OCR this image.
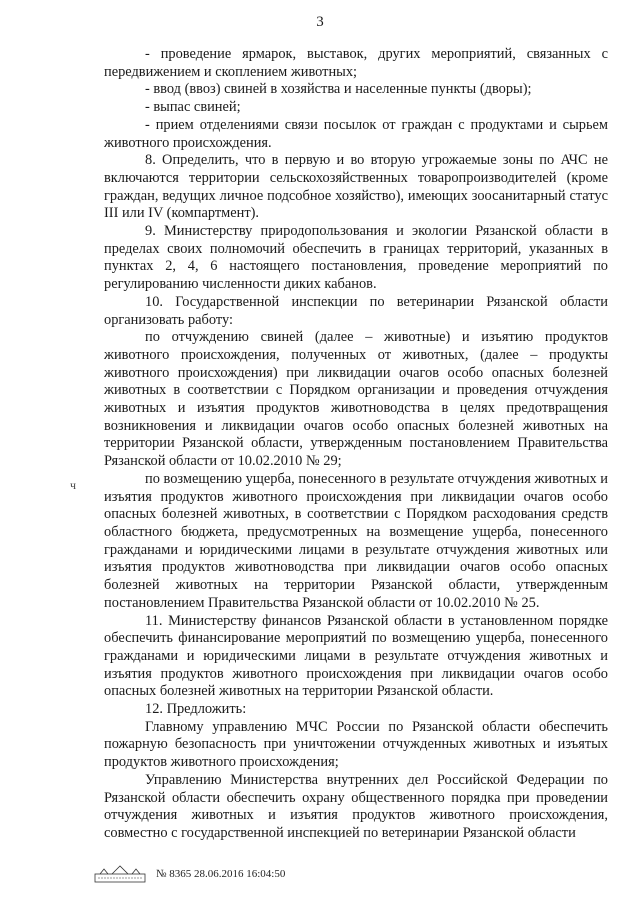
3

- проведение ярмарок, выставок, других мероприятий, связанных с передвижением и скоплением животных;

- ввод (ввоз) свиней в хозяйства и населенные пункты (дворы);

- выпас свиней;

- прием отделениями связи посылок от граждан с продуктами и сырьем животного происхождения.

8. Определить, что в первую и во вторую угрожаемые зоны по АЧС не включаются территории сельскохозяйственных товаропроизводителей (кроме граждан, ведущих личное подсобное хозяйство), имеющих зоосанитарный статус III или IV (компартмент).

9. Министерству природопользования и экологии Рязанской области в пределах своих полномочий обеспечить в границах территорий, указанных в пунктах 2, 4, 6 настоящего постановления, проведение мероприятий по регулированию численности диких кабанов.

10. Государственной инспекции по ветеринарии Рязанской области организовать работу:

по отчуждению свиней (далее – животные) и изъятию продуктов животного происхождения, полученных от животных, (далее – продукты животного происхождения) при ликвидации очагов особо опасных болезней животных в соответствии с Порядком организации и проведения отчуждения животных и изъятия продуктов животноводства в целях предотвращения возникновения и ликвидации очагов особо опасных болезней животных на территории Рязанской области, утвержденным постановлением Правительства Рязанской области от 10.02.2010 № 29;

по возмещению ущерба, понесенного в результате отчуждения животных и изъятия продуктов животного происхождения при ликвидации очагов особо опасных болезней животных, в соответствии с Порядком расходования средств областного бюджета, предусмотренных на возмещение ущерба, понесенного гражданами и юридическими лицами в результате отчуждения животных или изъятия продуктов животноводства при ликвидации очагов особо опасных болезней животных на территории Рязанской области, утвержденным постановлением Правительства Рязанской области от 10.02.2010 № 25.

11. Министерству финансов Рязанской области в установленном порядке обеспечить финансирование мероприятий по возмещению ущерба, понесенного гражданами и юридическими лицами в результате отчуждения животных и изъятия продуктов животного происхождения при ликвидации очагов особо опасных болезней животных на территории Рязанской области.

12. Предложить:

Главному управлению МЧС России по Рязанской области обеспечить пожарную безопасность при уничтожении отчужденных животных и изъятых продуктов животного происхождения;

Управлению Министерства внутренних дел Российской Федерации по Рязанской области обеспечить охрану общественного порядка при проведении отчуждения животных и изъятия продуктов животного происхождения, совместно с государственной инспекцией по ветеринарии Рязанской области

ч
№ 8365 28.06.2016 16:04:50
